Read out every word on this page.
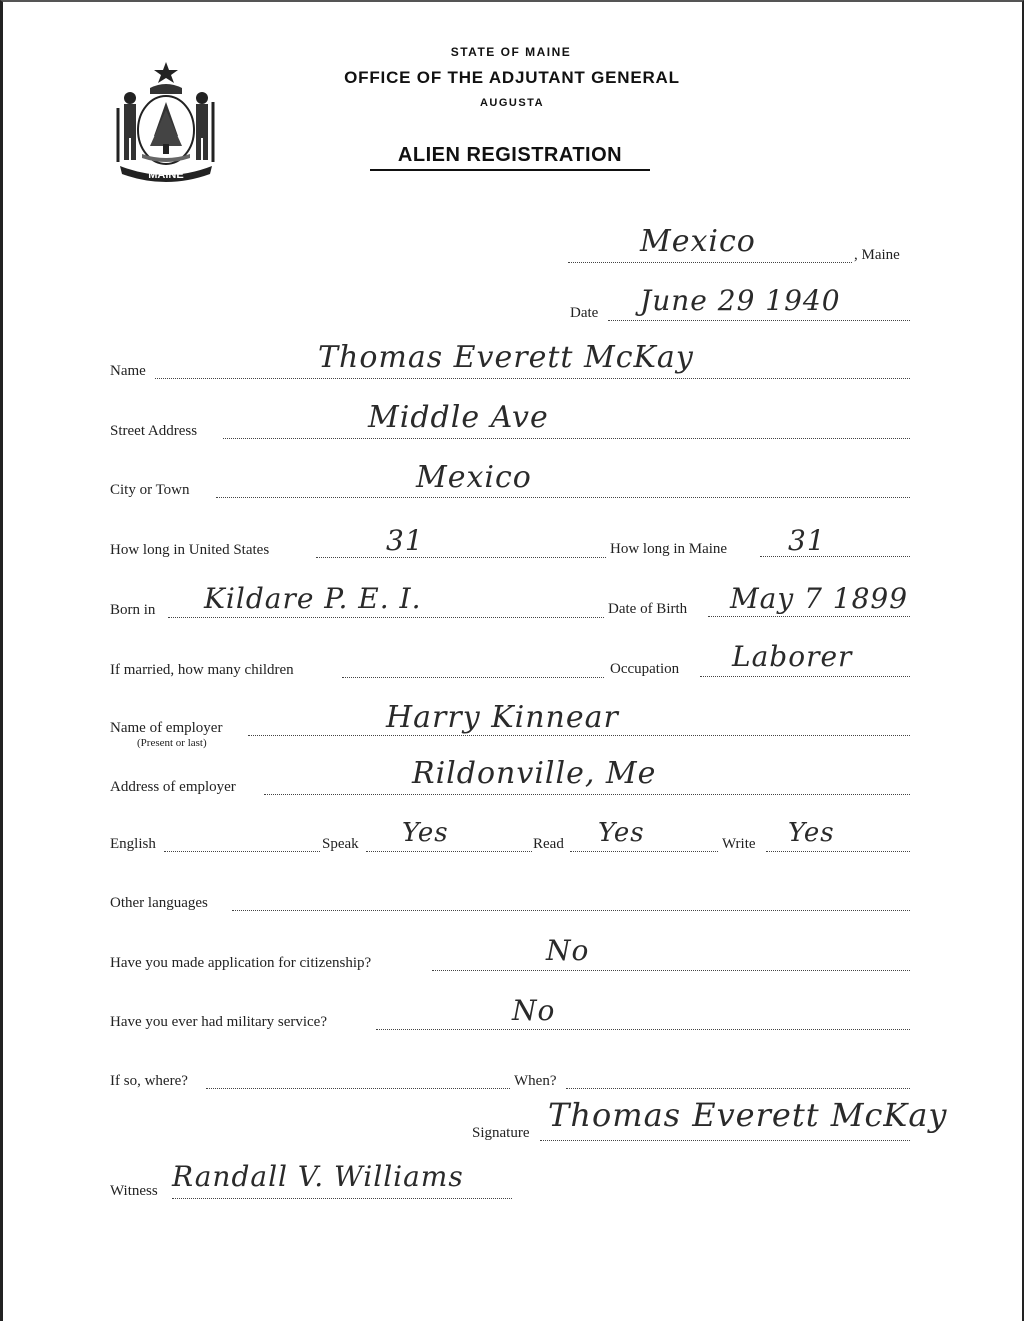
MAINE
STATE OF MAINE
OFFICE OF THE ADJUTANT GENERAL
AUGUSTA
ALIEN REGISTRATION
Mexico	, Maine
Date June 29 1940
Name	Thomas Everett McKay
Street Address	Middle Ave
City or Town	Mexico
How long in United States	31	How long in Maine 31
Born in Kildare P. E. I.	Date of Birth May 7 1899
If married, how many children	Occupation Laborer
Name of employer
(Present or last)
Harry Kinnear
Address of employer	Rildonville, Me
English	Speak Yes	Read Yes	Write Yes
Other languages
Have you made application for citizenship?	No
Have you ever had military service?	No
If so, where?	When?
Signature Thomas Everett McKay
Witness Randall V. Williams
